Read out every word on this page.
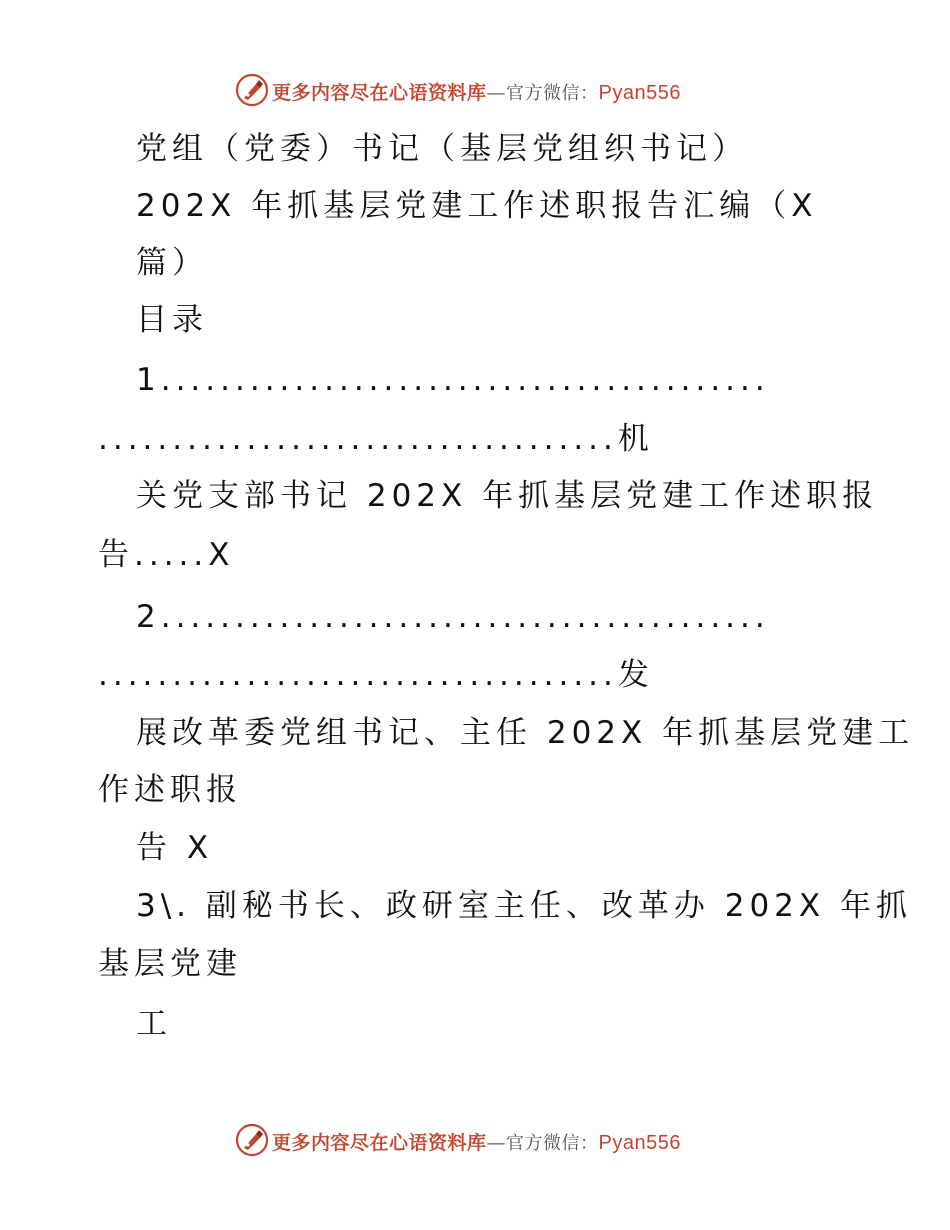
更多内容尽在心语资料库—官方微信：Pyan556
党组（党委）书记（基层党组织书记）
202X 年抓基层党建工作述职报告汇编（X
篇）
目录
1.........................................
...................................机
关党支部书记 202X 年抓基层党建工作述职报
告.....X
2.........................................
...................................发
展改革委党组书记、主任 202X 年抓基层党建工
作述职报
告 X
3\. 副秘书长、政研室主任、改革办 202X 年抓
基层党建
工
更多内容尽在心语资料库—官方微信：Pyan556
